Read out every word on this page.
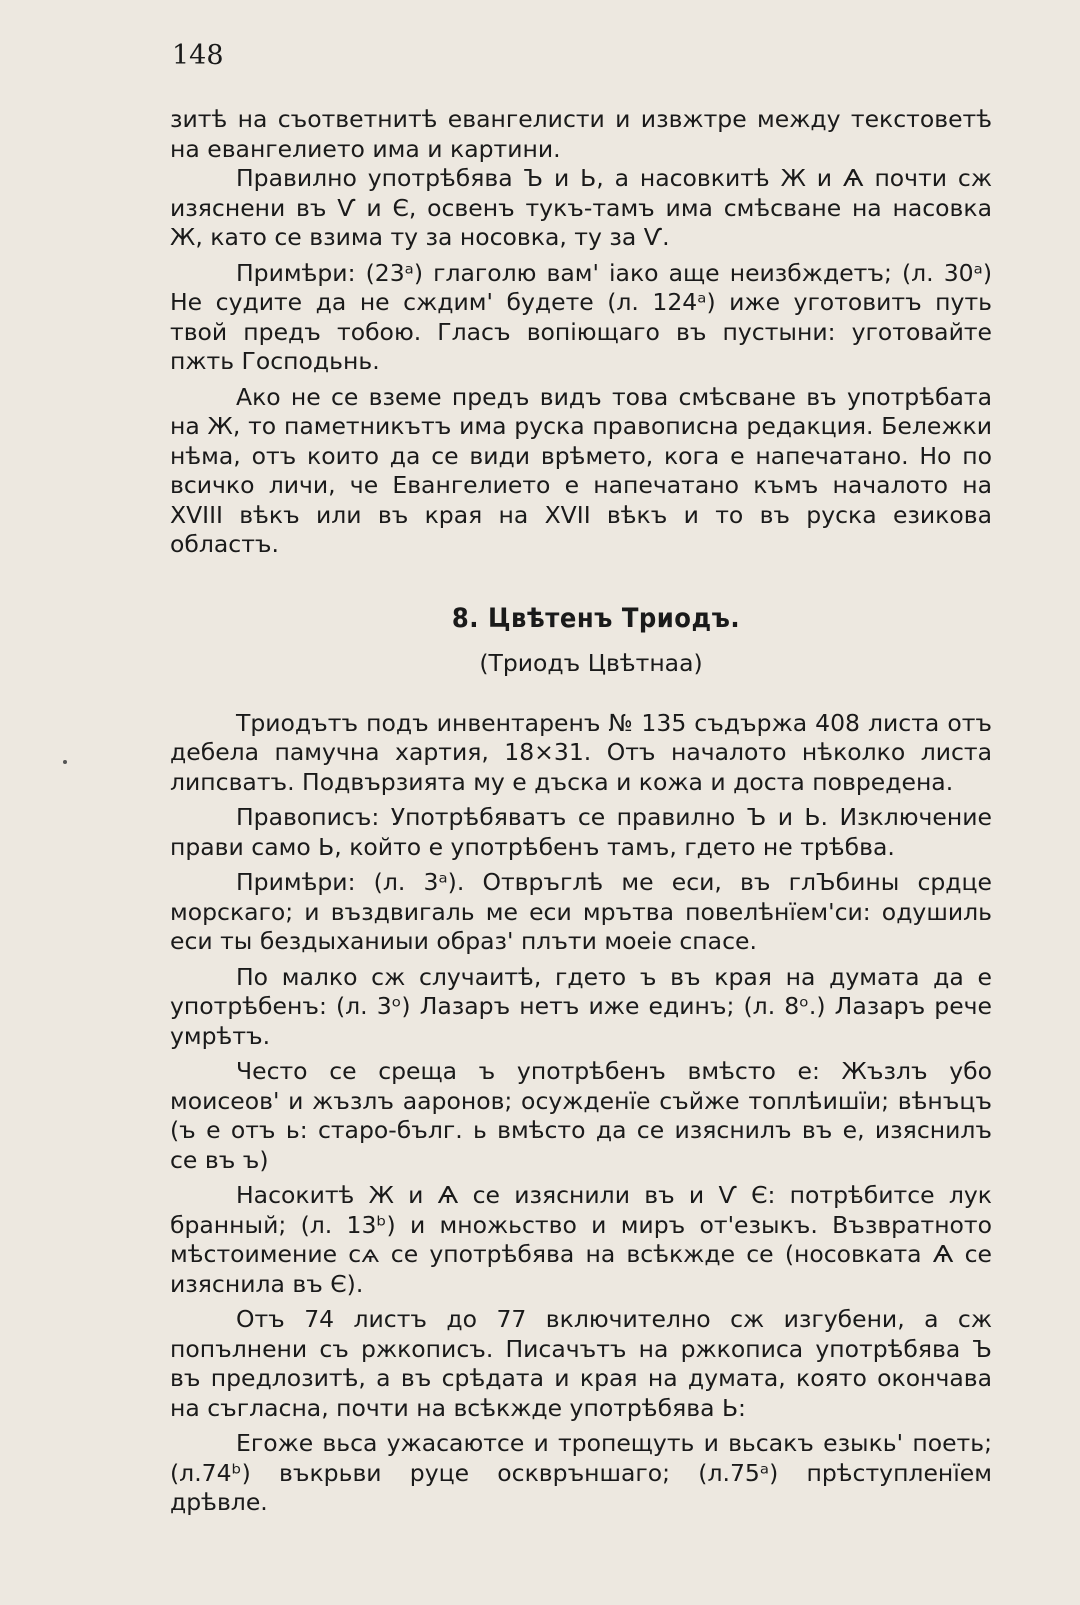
148

зитѣ на съответнитѣ евангелисти и извжтре между текстоветѣ на евангелието има и картини.

Правилно употрѣбява Ъ и Ь, а насовкитѣ Ж и Ѧ почти сж изяснени въ Ѵ и Є, освенъ тукъ-тамъ има смѣсване на насовка Ж, като се взима ту за носовка, ту за Ѵ.

Примѣри: (23ᵃ) глаголю вам' іако аще неизбждетъ; (л. 30ᵃ) Не судите да не сждим' будете (л. 124ᵃ) иже уготовитъ путь твой предъ тобою. Гласъ вопіющаго въ пустыни: уготовайте пжть Господьнь.

Ако не се вземе предъ видъ това смѣсване въ употрѣбата на Ж, то паметникътъ има руска правописна редакция. Бележки нѣма, отъ които да се види врѣмето, кога е напечатано. Но по всичко личи, че Евангелието е напечатано къмъ началото на XVIII вѣкъ или въ края на XVII вѣкъ и то въ руска езикова областъ.

8. Цвѣтенъ Триодъ.

(Триодъ Цвѣтнаа)

Триодътъ подъ инвентаренъ № 135 съдържа 408 листа отъ дебела памучна хартия, 18×31. Отъ началото нѣколко листа липсватъ. Подвързията му е дъска и кожа и доста повредена.

Правописъ: Употрѣбяватъ се правилно Ъ и Ь. Изключение прави само Ь, който е употрѣбенъ тамъ, гдето не трѣбва.

Примѣри: (л. 3ᵃ). Отвръглѣ ме еси, въ глЪбины срдце морскаго; и въздвигаль ме еси мрътва повелѣнїем'си: одушиль еси ты бездыханиыи образ' плъти моеіе спасе.

По малко сж случаитѣ, гдето ъ въ края на думата да е употрѣбенъ: (л. 3ᵒ) Лазаръ нетъ иже единъ; (л. 8ᵒ.) Лазаръ рече умрѣтъ.

Често се среща ъ употрѣбенъ вмѣсто е: Жъзлъ убо моисеов' и жъзлъ ааронов; осужденїе съйже топлѣишїи; вѣнъцъ (ъ е отъ ь: старо-бълг. ь вмѣсто да се изяснилъ въ е, изяснилъ се въ ъ)

Насокитѣ Ж и Ѧ се изяснили въ и Ѵ Є: потрѣбитсе лук бранный; (л. 13ᵇ) и множьство и миръ от'езыкъ. Възвратното мѣстоимение сѧ се употрѣбява на всѣкжде се (носовката Ѧ се изяснила въ Є).

Отъ 74 листъ до 77 включително сж изгубени, а сж попълнени съ ржкописъ. Писачътъ на ржкописа употрѣбява Ъ въ предлозитѣ, а въ срѣдата и края на думата, която окончава на съгласна, почти на всѣкжде употрѣбява Ь:

Егоже вьса ужасаютсе и тропещуть и вьсакъ езыкь' поеть; (л.74ᵇ) въкрьви руце осквръншаго; (л.75ᵃ) прѣступленїем дрѣвле.
